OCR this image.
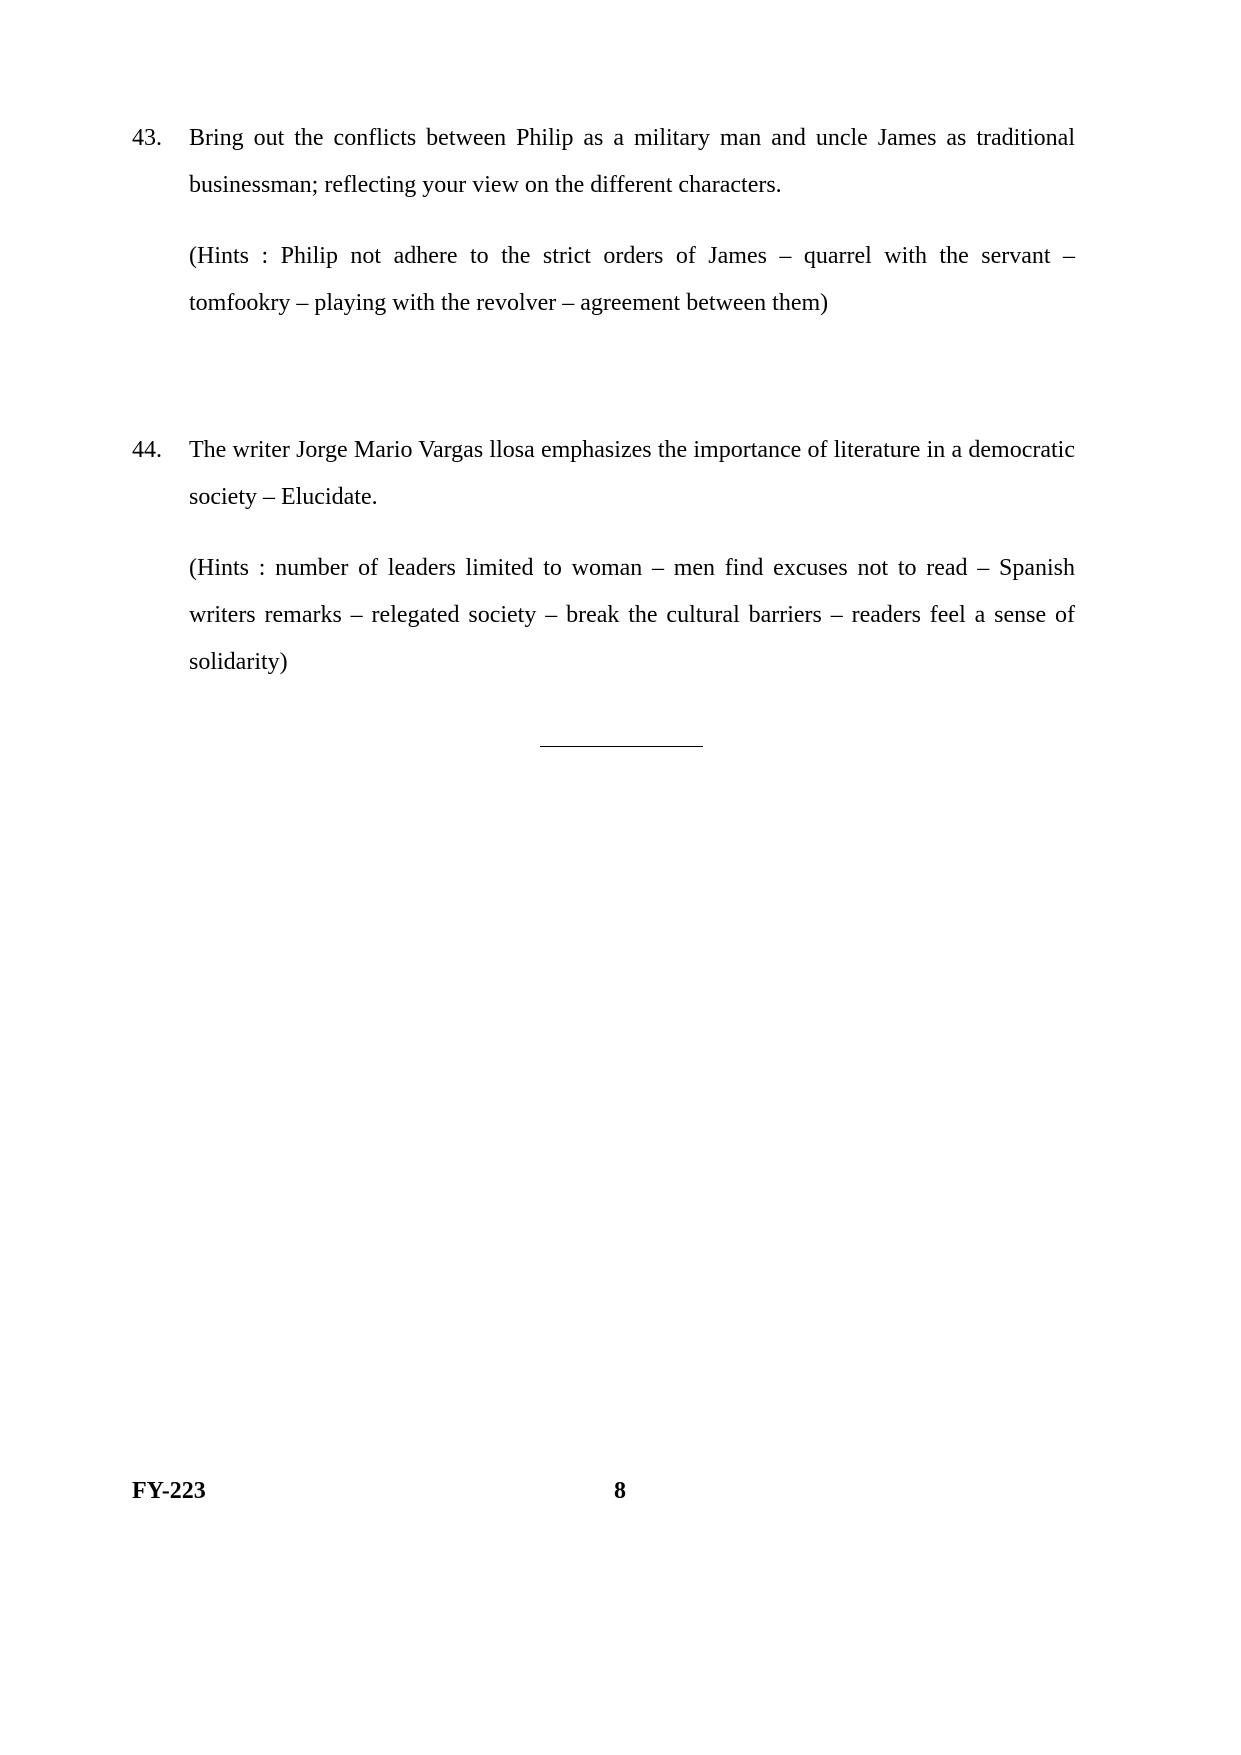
43. Bring out the conflicts between Philip as a military man and uncle James as traditional businessman; reflecting your view on the different characters.
(Hints : Philip not adhere to the strict orders of James – quarrel with the servant – tomfookry – playing with the revolver – agreement between them)
44. The writer Jorge Mario Vargas llosa emphasizes the importance of literature in a democratic society – Elucidate.
(Hints : number of leaders limited to woman – men find excuses not to read – Spanish writers remarks – relegated society – break the cultural barriers – readers feel a sense of solidarity)
FY-223	8
